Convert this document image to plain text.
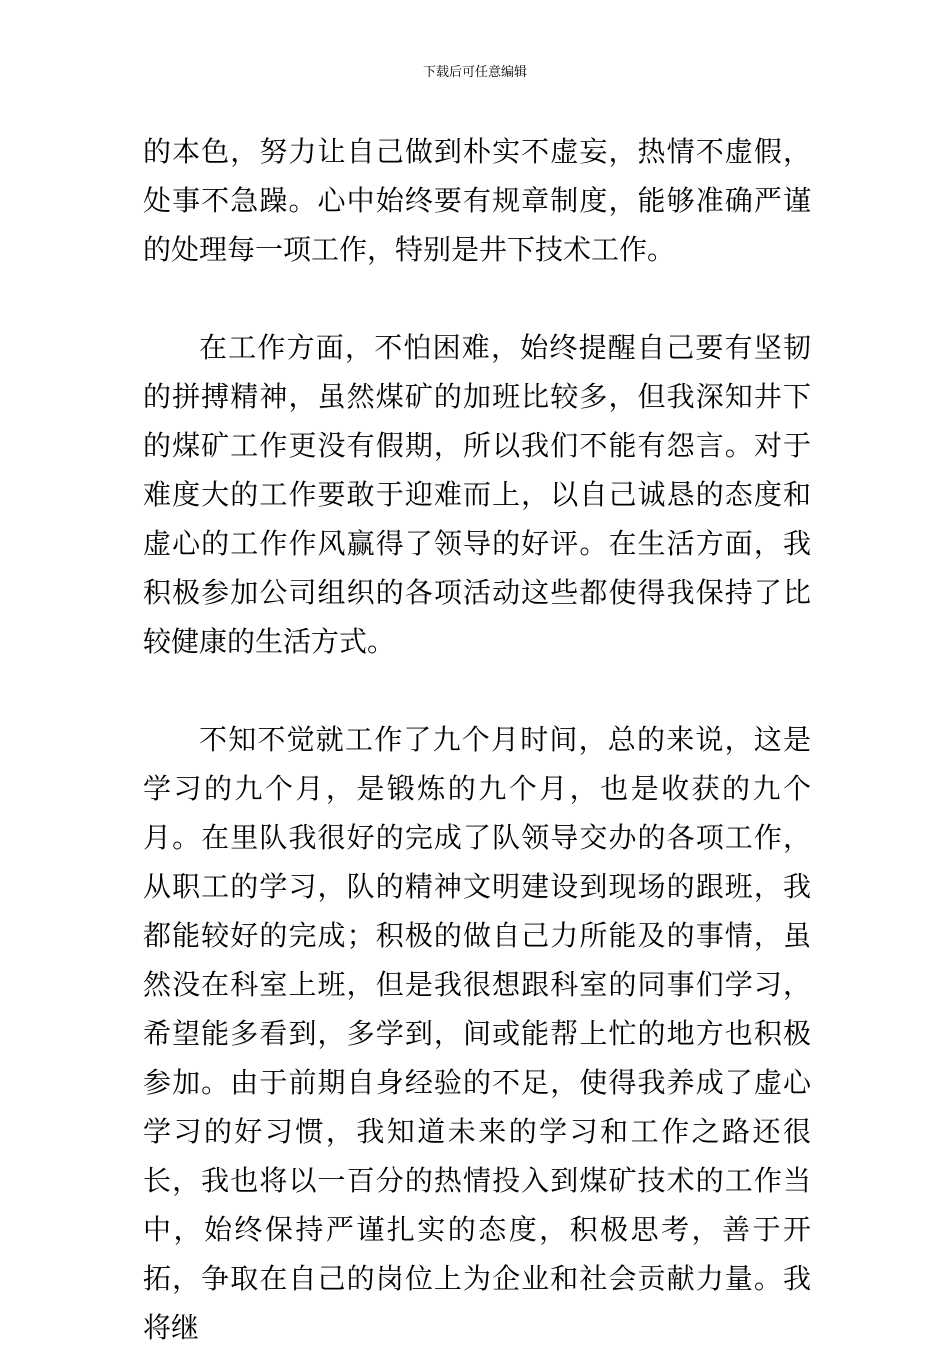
下载后可任意编辑

的本色，努力让自己做到朴实不虚妄，热情不虚假，处事不急躁。心中始终要有规章制度，能够准确严谨的处理每一项工作，特别是井下技术工作。

在工作方面，不怕困难，始终提醒自己要有坚韧的拼搏精神，虽然煤矿的加班比较多，但我深知井下的煤矿工作更没有假期，所以我们不能有怨言。对于难度大的工作要敢于迎难而上，以自己诚恳的态度和虚心的工作作风赢得了领导的好评。在生活方面，我积极参加公司组织的各项活动这些都使得我保持了比较健康的生活方式。

不知不觉就工作了九个月时间，总的来说，这是学习的九个月，是锻炼的九个月，也是收获的九个月。在里队我很好的完成了队领导交办的各项工作，从职工的学习，队的精神文明建设到现场的跟班，我都能较好的完成；积极的做自己力所能及的事情，虽然没在科室上班，但是我很想跟科室的同事们学习，希望能多看到，多学到，间或能帮上忙的地方也积极参加。由于前期自身经验的不足，使得我养成了虚心学习的好习惯，我知道未来的学习和工作之路还很长，我也将以一百分的热情投入到煤矿技术的工作当中，始终保持严谨扎实的态度，积极思考，善于开拓，争取在自己的岗位上为企业和社会贡献力量。我将继
